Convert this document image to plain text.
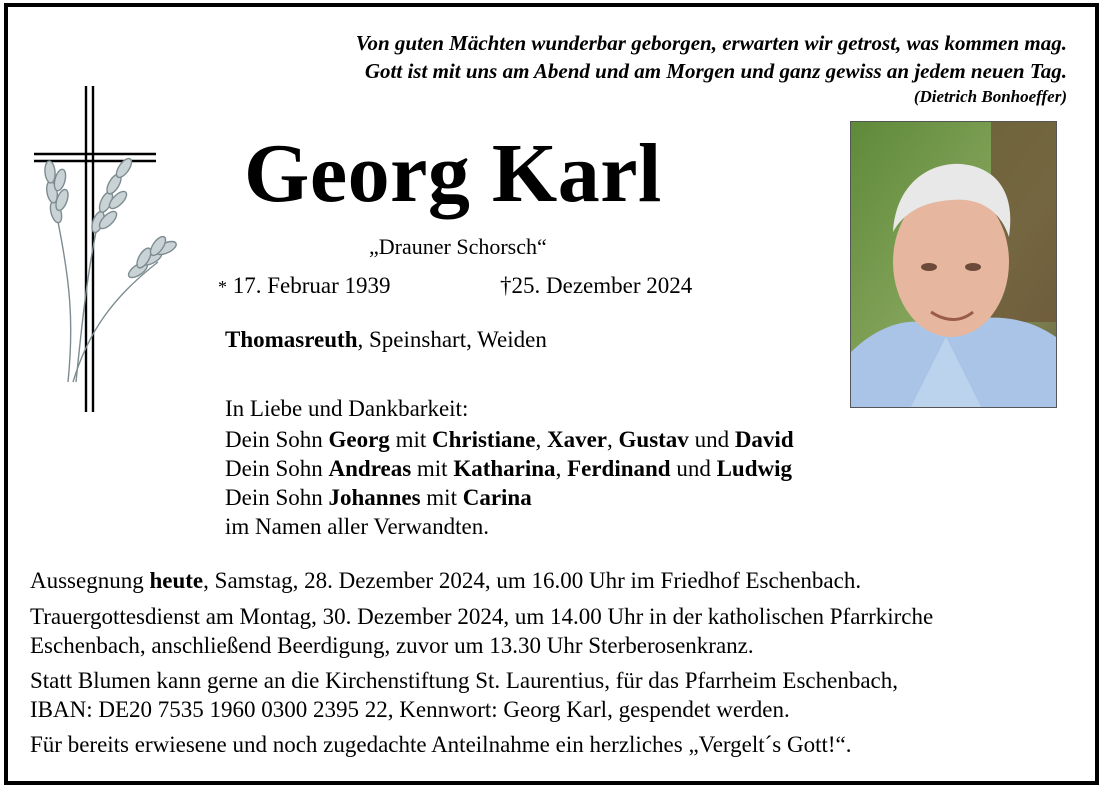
Von guten Mächten wunderbar geborgen, erwarten wir getrost, was kommen mag.
Gott ist mit uns am Abend und am Morgen und ganz gewiss an jedem neuen Tag.
(Dietrich Bonhoeffer)
Georg Karl
„Drauner Schorsch“
* 17. Februar 1939	†25. Dezember 2024
Thomasreuth, Speinshart, Weiden
In Liebe und Dankbarkeit:
Dein Sohn Georg mit Christiane, Xaver, Gustav und David
Dein Sohn Andreas mit Katharina, Ferdinand und Ludwig
Dein Sohn Johannes mit Carina
im Namen aller Verwandten.
Aussegnung heute, Samstag, 28. Dezember 2024, um 16.00 Uhr im Friedhof Eschenbach.
Trauergottesdienst am Montag, 30. Dezember 2024, um 14.00 Uhr in der katholischen Pfarrkirche
Eschenbach, anschließend Beerdigung, zuvor um 13.30 Uhr Sterberosenkranz.
Statt Blumen kann gerne an die Kirchenstiftung St. Laurentius, für das Pfarrheim Eschenbach,
IBAN: DE20 7535 1960 0300 2395 22, Kennwort: Georg Karl, gespendet werden.
Für bereits erwiesene und noch zugedachte Anteilnahme ein herzliches „Vergelt´s Gott!“.
